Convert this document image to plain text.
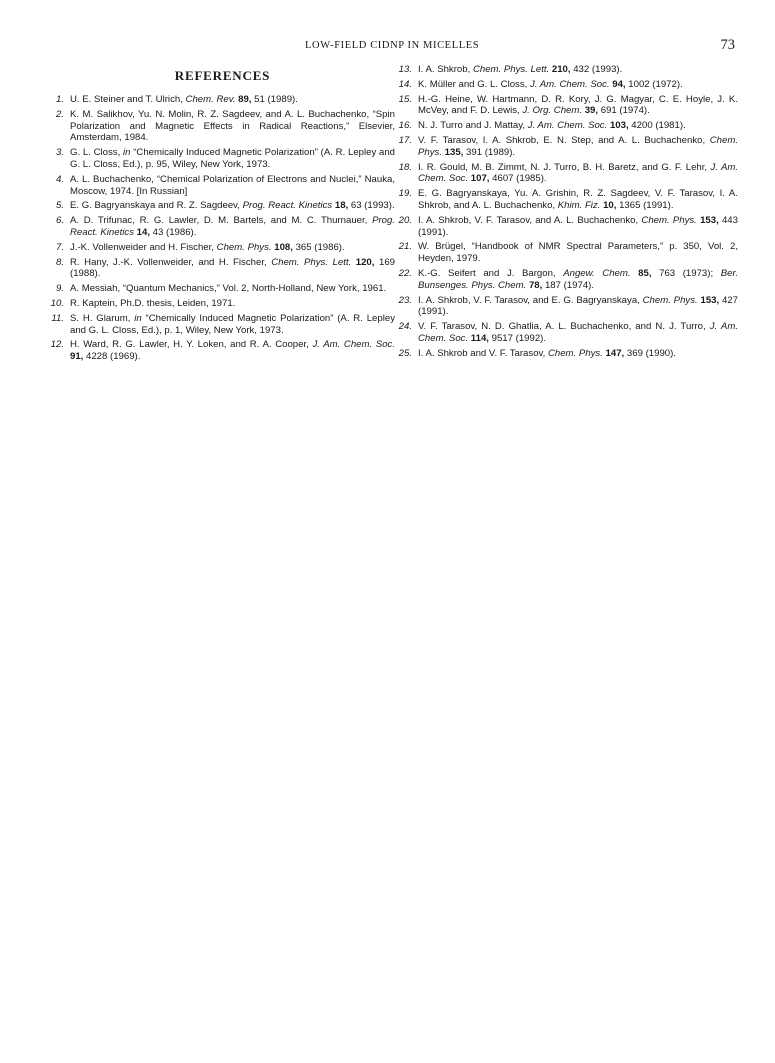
LOW-FIELD CIDNP IN MICELLES	73
REFERENCES
1. U. E. Steiner and T. Ulrich, Chem. Rev. 89, 51 (1989).
2. K. M. Salikhov, Yu. N. Molin, R. Z. Sagdeev, and A. L. Buchachenko, “Spin Polarization and Magnetic Effects in Radical Reactions,” Elsevier, Amsterdam, 1984.
3. G. L. Closs, in “Chemically Induced Magnetic Polarization” (A. R. Lepley and G. L. Closs, Ed.), p. 95, Wiley, New York, 1973.
4. A. L. Buchachenko, “Chemical Polarization of Electrons and Nuclei,” Nauka, Moscow, 1974. [In Russian]
5. E. G. Bagryanskaya and R. Z. Sagdeev, Prog. React. Kinetics 18, 63 (1993).
6. A. D. Trifunac, R. G. Lawler, D. M. Bartels, and M. C. Thurnauer, Prog. React. Kinetics 14, 43 (1986).
7. J.-K. Vollenweider and H. Fischer, Chem. Phys. 108, 365 (1986).
8. R. Hany, J.-K. Vollenweider, and H. Fischer, Chem. Phys. Lett. 120, 169 (1988).
9. A. Messiah, “Quantum Mechanics,” Vol. 2, North-Holland, New York, 1961.
10. R. Kaptein, Ph.D. thesis, Leiden, 1971.
11. S. H. Glarum, in “Chemically Induced Magnetic Polarization” (A. R. Lepley and G. L. Closs, Ed.), p. 1, Wiley, New York, 1973.
12. H. Ward, R. G. Lawler, H. Y. Loken, and R. A. Cooper, J. Am. Chem. Soc. 91, 4228 (1969).
13. I. A. Shkrob, Chem. Phys. Lett. 210, 432 (1993).
14. K. Müller and G. L. Closs, J. Am. Chem. Soc. 94, 1002 (1972).
15. H.-G. Heine, W. Hartmann, D. R. Kory, J. G. Magyar, C. E. Hoyle, J. K. McVey, and F. D. Lewis, J. Org. Chem. 39, 691 (1974).
16. N. J. Turro and J. Mattay, J. Am. Chem. Soc. 103, 4200 (1981).
17. V. F. Tarasov, I. A. Shkrob, E. N. Step, and A. L. Buchachenko, Chem. Phys. 135, 391 (1989).
18. I. R. Gould, M. B. Zimmt, N. J. Turro, B. H. Baretz, and G. F. Lehr, J. Am. Chem. Soc. 107, 4607 (1985).
19. E. G. Bagryanskaya, Yu. A. Grishin, R. Z. Sagdeev, V. F. Tarasov, I. A. Shkrob, and A. L. Buchachenko, Khim. Fiz. 10, 1365 (1991).
20. I. A. Shkrob, V. F. Tarasov, and A. L. Buchachenko, Chem. Phys. 153, 443 (1991).
21. W. Brügel, “Handbook of NMR Spectral Parameters,” p. 350, Vol. 2, Heyden, 1979.
22. K.-G. Seifert and J. Bargon, Angew. Chem. 85, 763 (1973); Ber. Bunsenges. Phys. Chem. 78, 187 (1974).
23. I. A. Shkrob, V. F. Tarasov, and E. G. Bagryanskaya, Chem. Phys. 153, 427 (1991).
24. V. F. Tarasov, N. D. Ghatlia, A. L. Buchachenko, and N. J. Turro, J. Am. Chem. Soc. 114, 9517 (1992).
25. I. A. Shkrob and V. F. Tarasov, Chem. Phys. 147, 369 (1990).
